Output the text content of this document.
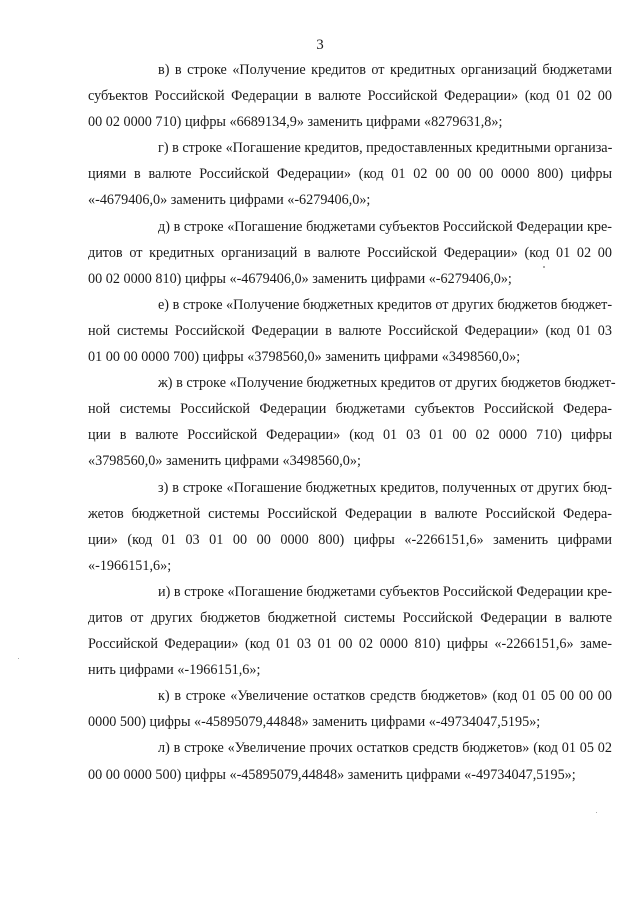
3

в) в строке «Получение кредитов от кредитных организаций бюджетами
субъектов Российской Федерации в валюте Российской Федерации» (код 01 02 00
00 02 0000 710) цифры «6689134,9» заменить цифрами «8279631,8»;

г) в строке «Погашение кредитов, предоставленных кредитными организа-
циями в валюте Российской Федерации» (код 01 02 00 00 00 0000 800) цифры
«-4679406,0» заменить цифрами «-6279406,0»;

д) в строке «Погашение бюджетами субъектов Российской Федерации кре-
дитов от кредитных организаций в валюте Российской Федерации» (код 01 02 00
00 02 0000 810) цифры «-4679406,0» заменить цифрами «-6279406,0»;

е) в строке «Получение бюджетных кредитов от других бюджетов бюджет-
ной системы Российской Федерации в валюте Российской Федерации» (код 01 03
01 00 00 0000 700) цифры «3798560,0» заменить цифрами «3498560,0»;

ж) в строке «Получение бюджетных кредитов от других бюджетов бюджет-
ной системы Российской Федерации бюджетами субъектов Российской Федера-
ции в валюте Российской Федерации» (код 01 03 01 00 02 0000 710) цифры
«3798560,0» заменить цифрами «3498560,0»;

з) в строке «Погашение бюджетных кредитов, полученных от других бюд-
жетов бюджетной системы Российской Федерации в валюте Российской Федера-
ции» (код 01 03 01 00 00 0000 800) цифры «-2266151,6» заменить цифрами
«-1966151,6»;

и) в строке «Погашение бюджетами субъектов Российской Федерации кре-
дитов от других бюджетов бюджетной системы Российской Федерации в валюте
Российской Федерации» (код 01 03 01 00 02 0000 810) цифры «-2266151,6» заме-
нить цифрами «-1966151,6»;

к) в строке «Увеличение остатков средств бюджетов» (код 01 05 00 00 00
0000 500) цифры «-45895079,44848» заменить цифрами «-49734047,5195»;

л) в строке «Увеличение прочих остатков средств бюджетов» (код 01 05 02
00 00 0000 500) цифры «-45895079,44848» заменить цифрами «-49734047,5195»;
